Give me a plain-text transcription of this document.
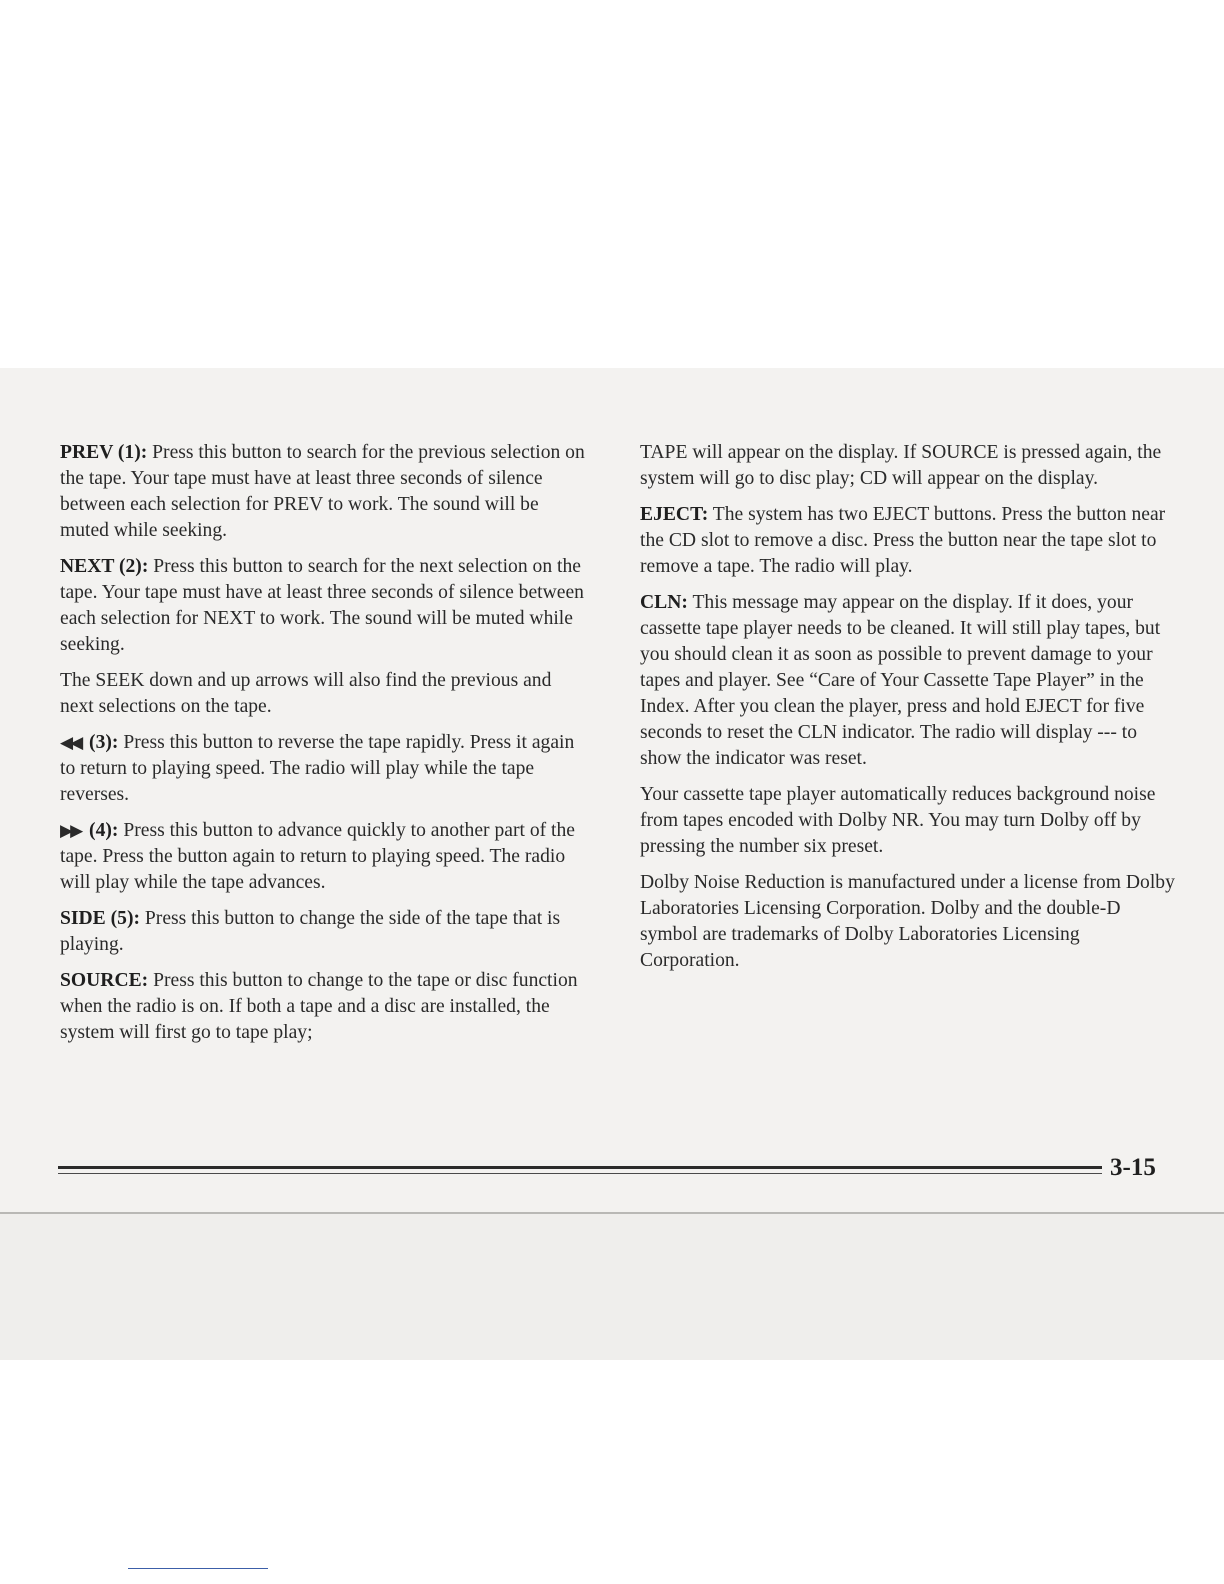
PREV (1): Press this button to search for the previous selection on the tape. Your tape must have at least three seconds of silence between each selection for PREV to work. The sound will be muted while seeking.

NEXT (2): Press this button to search for the next selection on the tape. Your tape must have at least three seconds of silence between each selection for NEXT to work. The sound will be muted while seeking.

The SEEK down and up arrows will also find the previous and next selections on the tape.

◀◀ (3): Press this button to reverse the tape rapidly. Press it again to return to playing speed. The radio will play while the tape reverses.

▶▶ (4): Press this button to advance quickly to another part of the tape. Press the button again to return to playing speed. The radio will play while the tape advances.

SIDE (5): Press this button to change the side of the tape that is playing.

SOURCE: Press this button to change to the tape or disc function when the radio is on. If both a tape and a disc are installed, the system will first go to tape play;

TAPE will appear on the display. If SOURCE is pressed again, the system will go to disc play; CD will appear on the display.

EJECT: The system has two EJECT buttons. Press the button near the CD slot to remove a disc. Press the button near the tape slot to remove a tape. The radio will play.

CLN: This message may appear on the display. If it does, your cassette tape player needs to be cleaned. It will still play tapes, but you should clean it as soon as possible to prevent damage to your tapes and player. See “Care of Your Cassette Tape Player” in the Index. After you clean the player, press and hold EJECT for five seconds to reset the CLN indicator. The radio will display --- to show the indicator was reset.

Your cassette tape player automatically reduces background noise from tapes encoded with Dolby NR. You may turn Dolby off by pressing the number six preset.

Dolby Noise Reduction is manufactured under a license from Dolby Laboratories Licensing Corporation. Dolby and the double-D symbol are trademarks of Dolby Laboratories Licensing Corporation.

3-15
